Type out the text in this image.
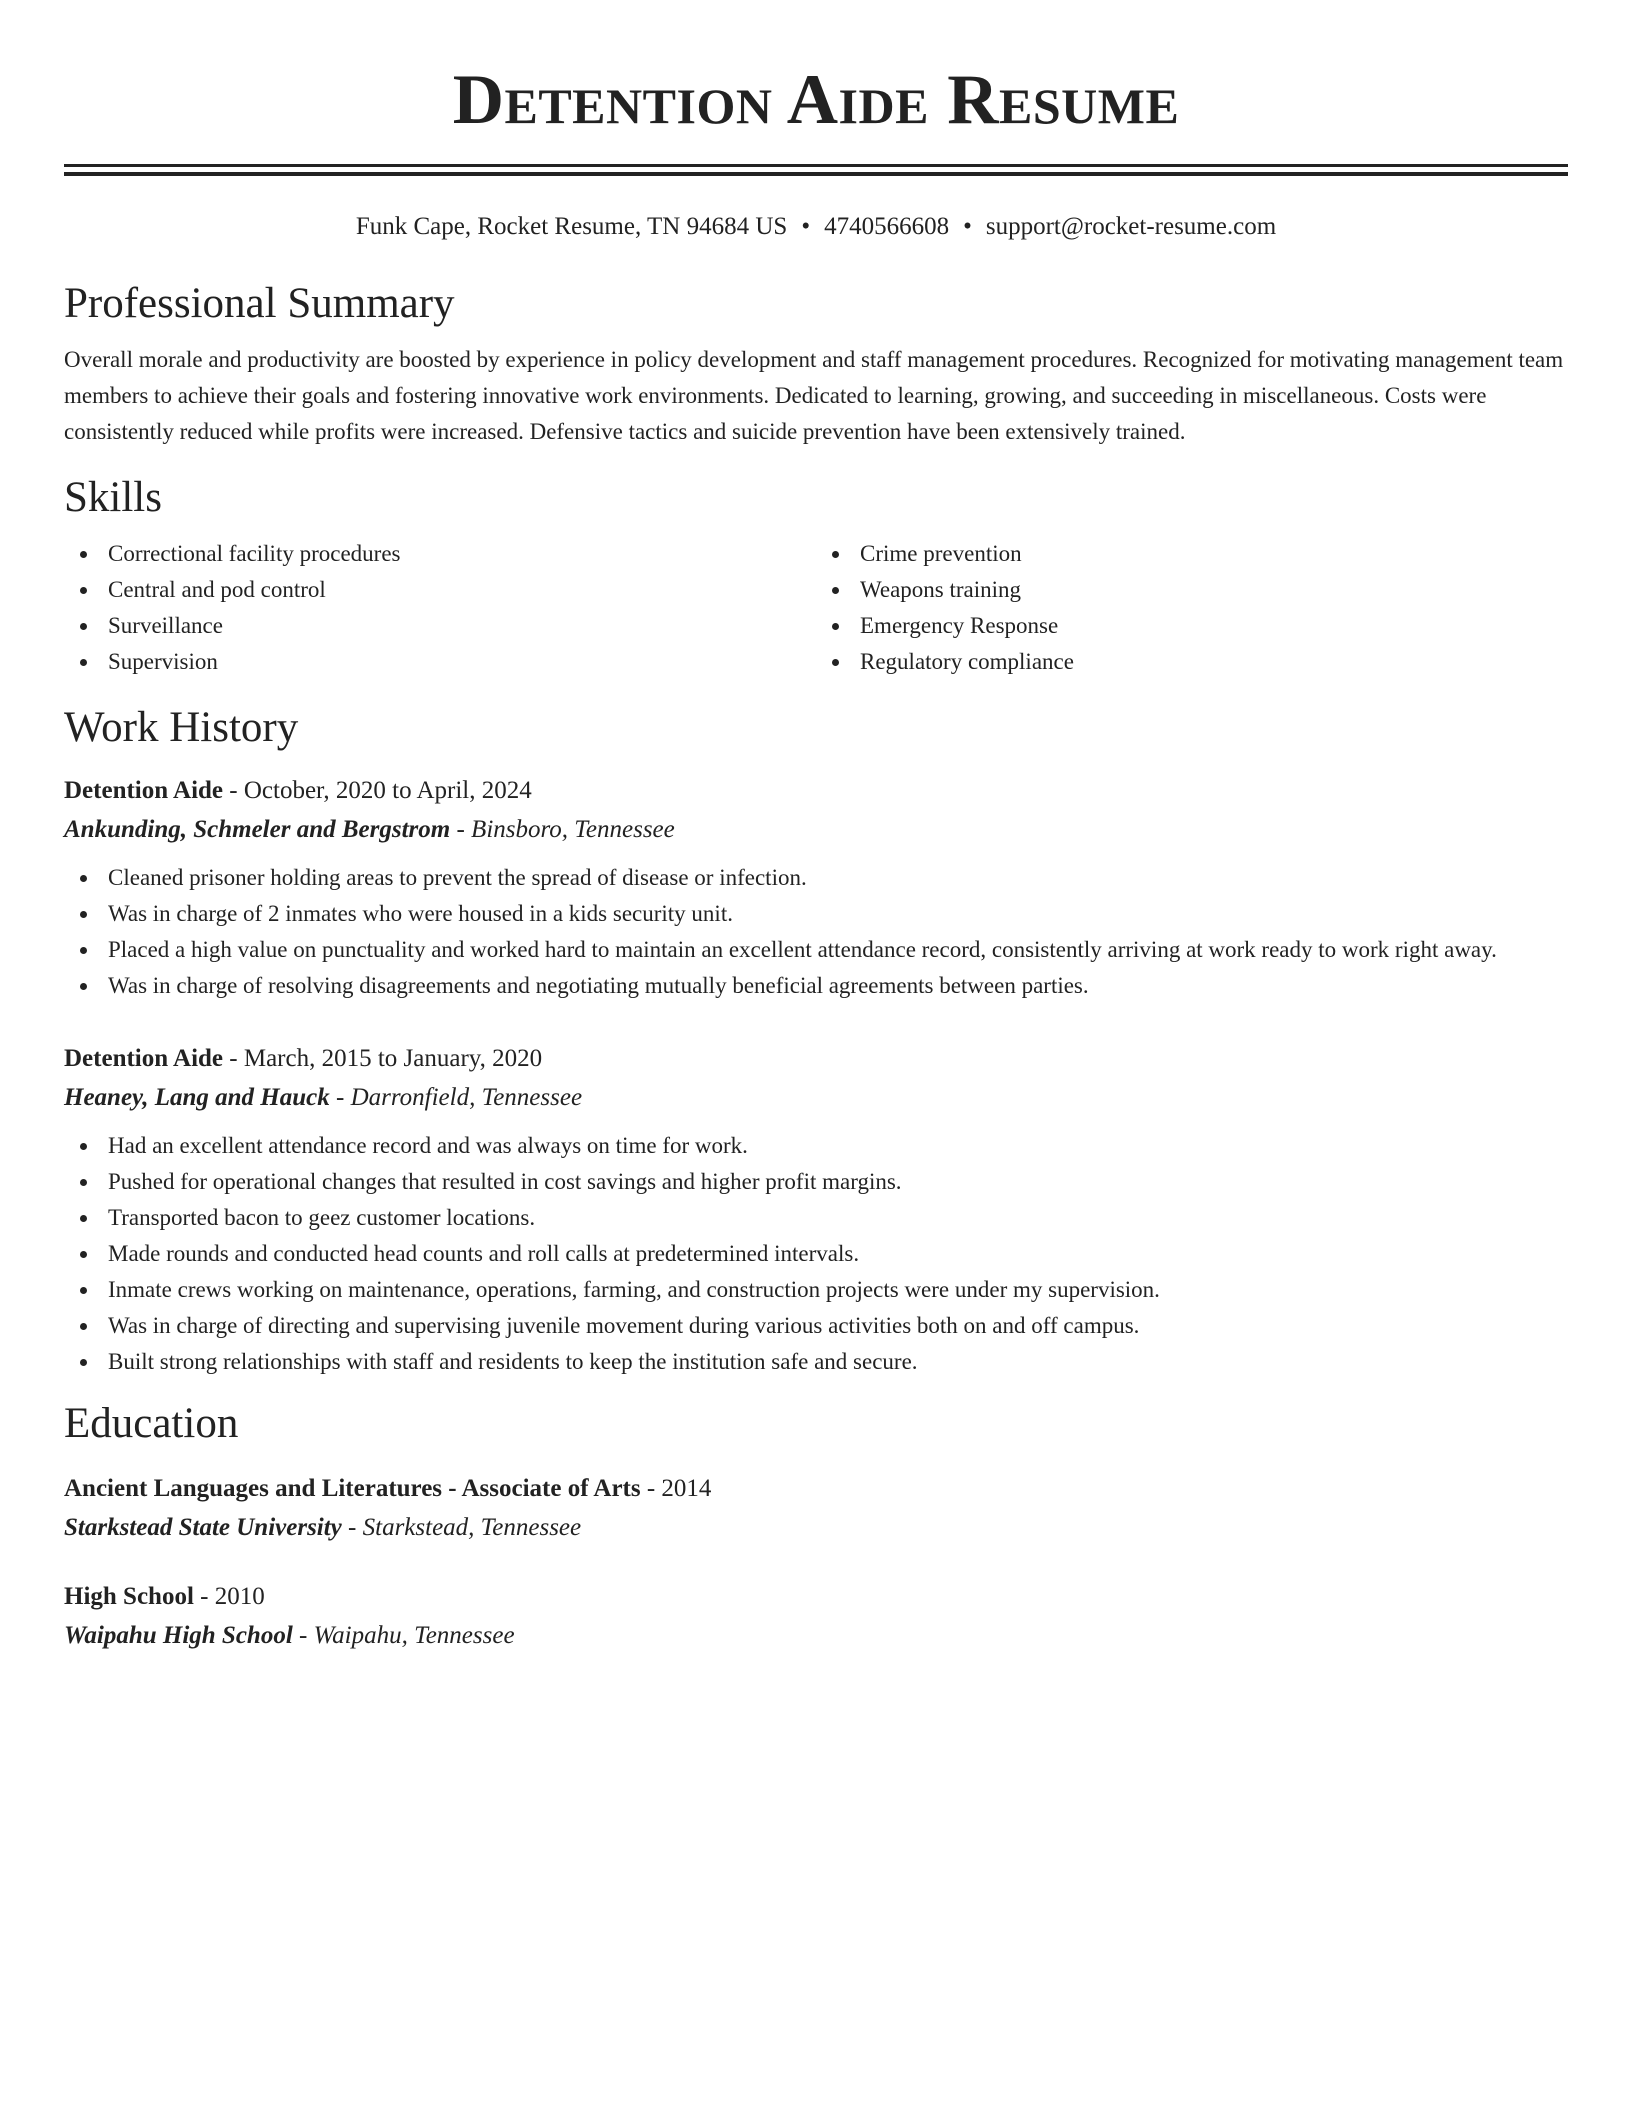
Detention Aide Resume
Funk Cape, Rocket Resume, TN 94684 US • 4740566608 • support@rocket-resume.com
Professional Summary
Overall morale and productivity are boosted by experience in policy development and staff management procedures. Recognized for motivating management team members to achieve their goals and fostering innovative work environments. Dedicated to learning, growing, and succeeding in miscellaneous. Costs were consistently reduced while profits were increased. Defensive tactics and suicide prevention have been extensively trained.
Skills
Correctional facility procedures
Central and pod control
Surveillance
Supervision
Crime prevention
Weapons training
Emergency Response
Regulatory compliance
Work History
Detention Aide - October, 2020 to April, 2024
Ankunding, Schmeler and Bergstrom - Binsboro, Tennessee
Cleaned prisoner holding areas to prevent the spread of disease or infection.
Was in charge of 2 inmates who were housed in a kids security unit.
Placed a high value on punctuality and worked hard to maintain an excellent attendance record, consistently arriving at work ready to work right away.
Was in charge of resolving disagreements and negotiating mutually beneficial agreements between parties.
Detention Aide - March, 2015 to January, 2020
Heaney, Lang and Hauck - Darronfield, Tennessee
Had an excellent attendance record and was always on time for work.
Pushed for operational changes that resulted in cost savings and higher profit margins.
Transported bacon to geez customer locations.
Made rounds and conducted head counts and roll calls at predetermined intervals.
Inmate crews working on maintenance, operations, farming, and construction projects were under my supervision.
Was in charge of directing and supervising juvenile movement during various activities both on and off campus.
Built strong relationships with staff and residents to keep the institution safe and secure.
Education
Ancient Languages and Literatures - Associate of Arts - 2014
Starkstead State University - Starkstead, Tennessee
High School - 2010
Waipahu High School - Waipahu, Tennessee
